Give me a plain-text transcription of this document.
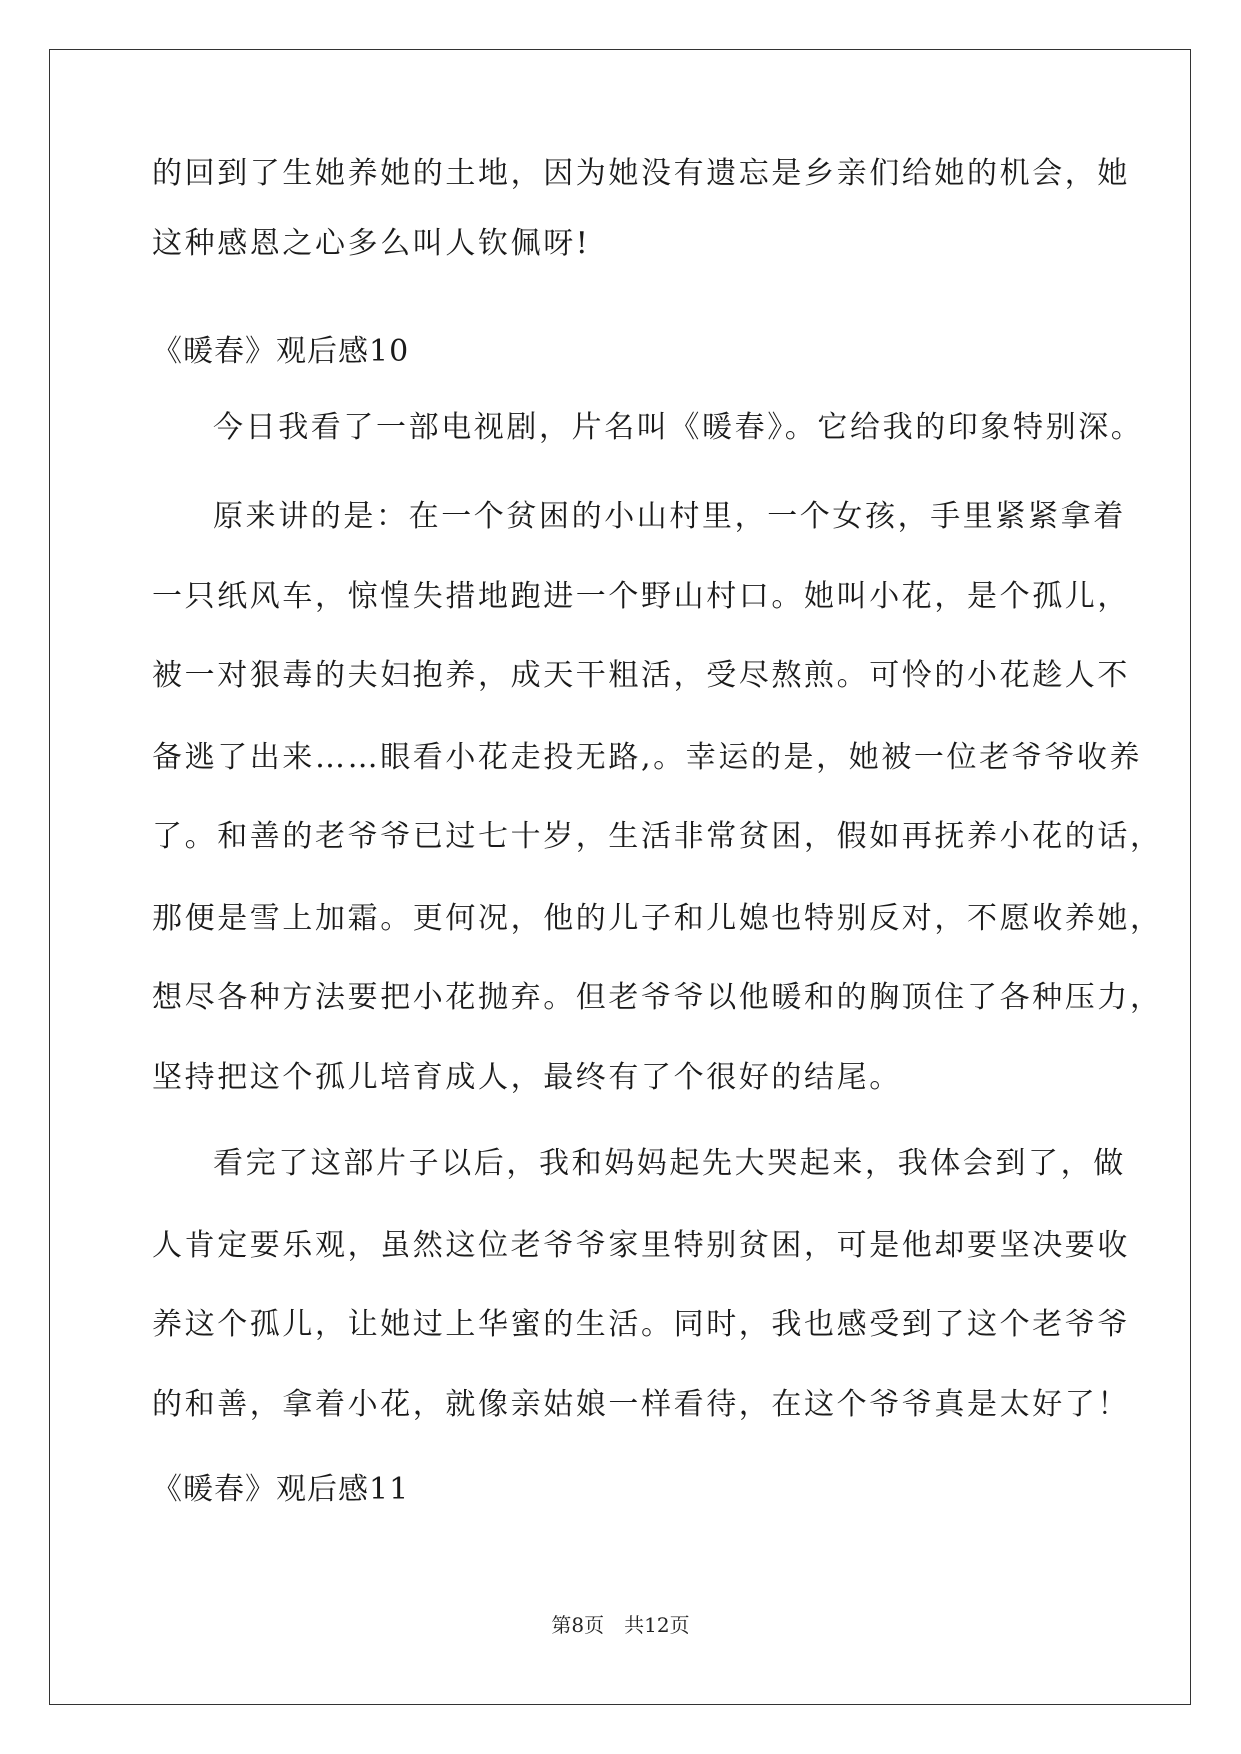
的回到了生她养她的土地，因为她没有遗忘是乡亲们给她的机会，她
这种感恩之心多么叫人钦佩呀!
《暖春》观后感10
今日我看了一部电视剧，片名叫《暖春》。它给我的印象特别深。
原来讲的是：在一个贫困的小山村里，一个女孩，手里紧紧拿着
一只纸风车，惊惶失措地跑进一个野山村口。她叫小花，是个孤儿，
被一对狠毒的夫妇抱养，成天干粗活，受尽熬煎。可怜的小花趁人不
备逃了出来……眼看小花走投无路,。幸运的是，她被一位老爷爷收养
了。和善的老爷爷已过七十岁，生活非常贫困，假如再抚养小花的话，
那便是雪上加霜。更何况，他的儿子和儿媳也特别反对，不愿收养她，
想尽各种方法要把小花抛弃。但老爷爷以他暖和的胸顶住了各种压力，
坚持把这个孤儿培育成人，最终有了个很好的结尾。
看完了这部片子以后，我和妈妈起先大哭起来，我体会到了，做
人肯定要乐观，虽然这位老爷爷家里特别贫困，可是他却要坚决要收
养这个孤儿，让她过上华蜜的生活。同时，我也感受到了这个老爷爷
的和善，拿着小花，就像亲姑娘一样看待，在这个爷爷真是太好了！
《暖春》观后感11
第8页　共12页
